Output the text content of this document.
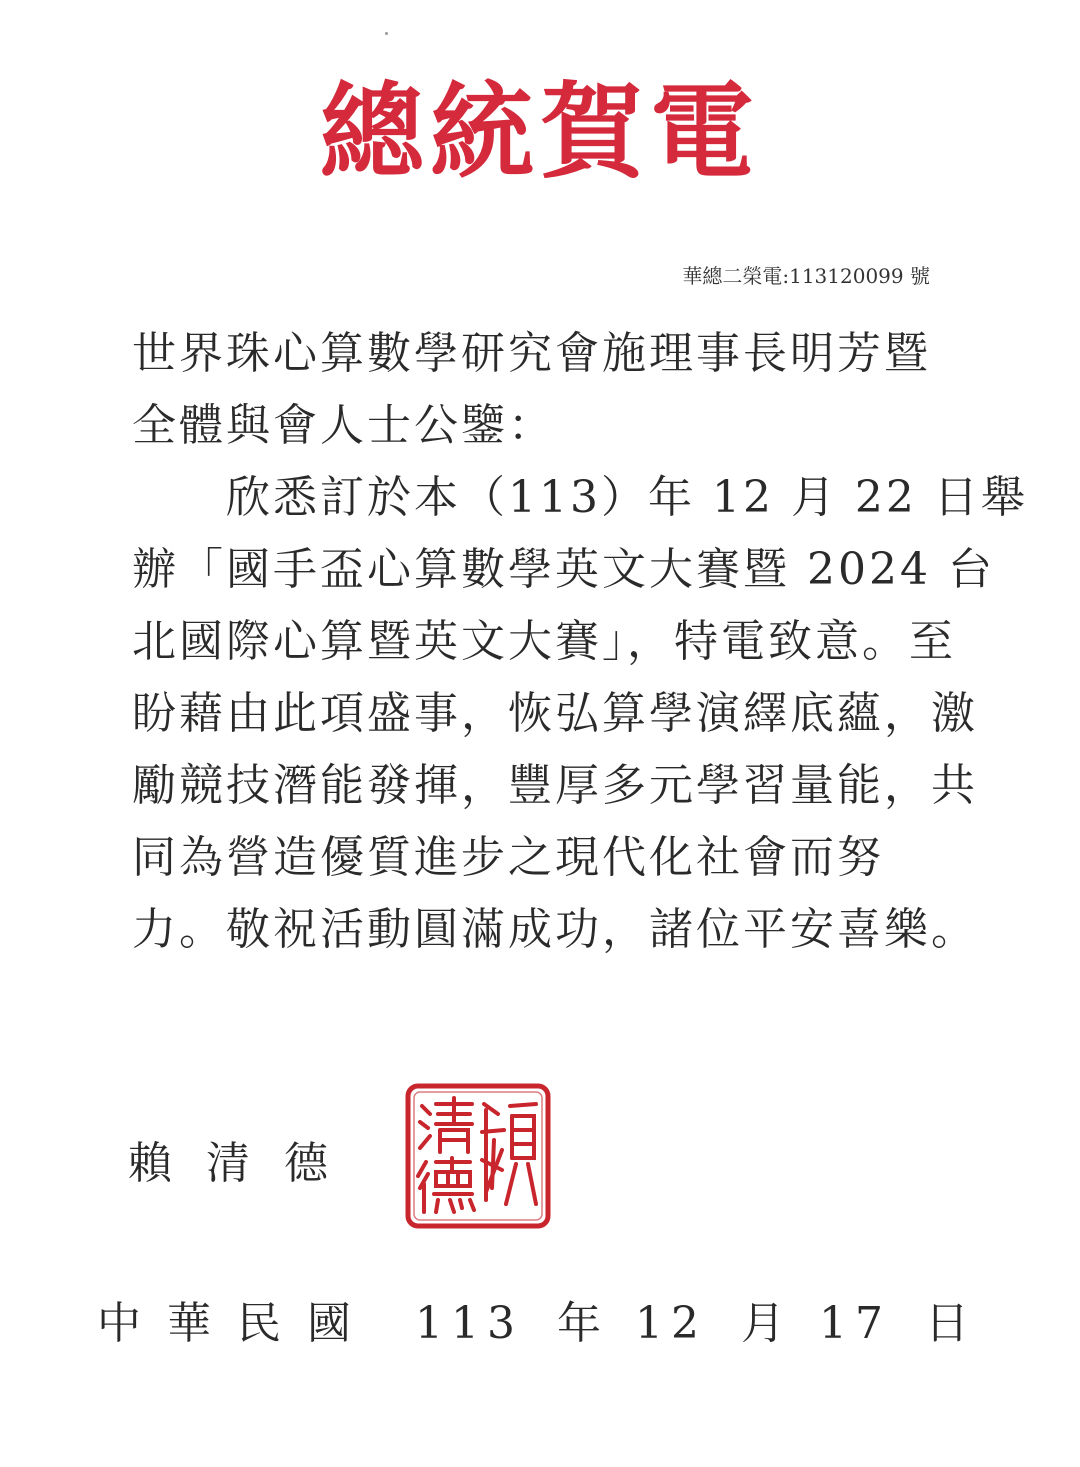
總統賀電
華總二榮電:113120099 號
世界珠心算數學研究會施理事長明芳暨
全體與會人士公鑒：
　　欣悉訂於本（113）年 12 月 22 日舉
辦「國手盃心算數學英文大賽暨 2024 台
北國際心算暨英文大賽」，特電致意。至
盼藉由此項盛事，恢弘算學演繹底蘊，激
勵競技潛能發揮，豐厚多元學習量能，共
同為營造優質進步之現代化社會而努
力。敬祝活動圓滿成功，諸位平安喜樂。
賴清德
中華民國 113 年 12 月 17 日
